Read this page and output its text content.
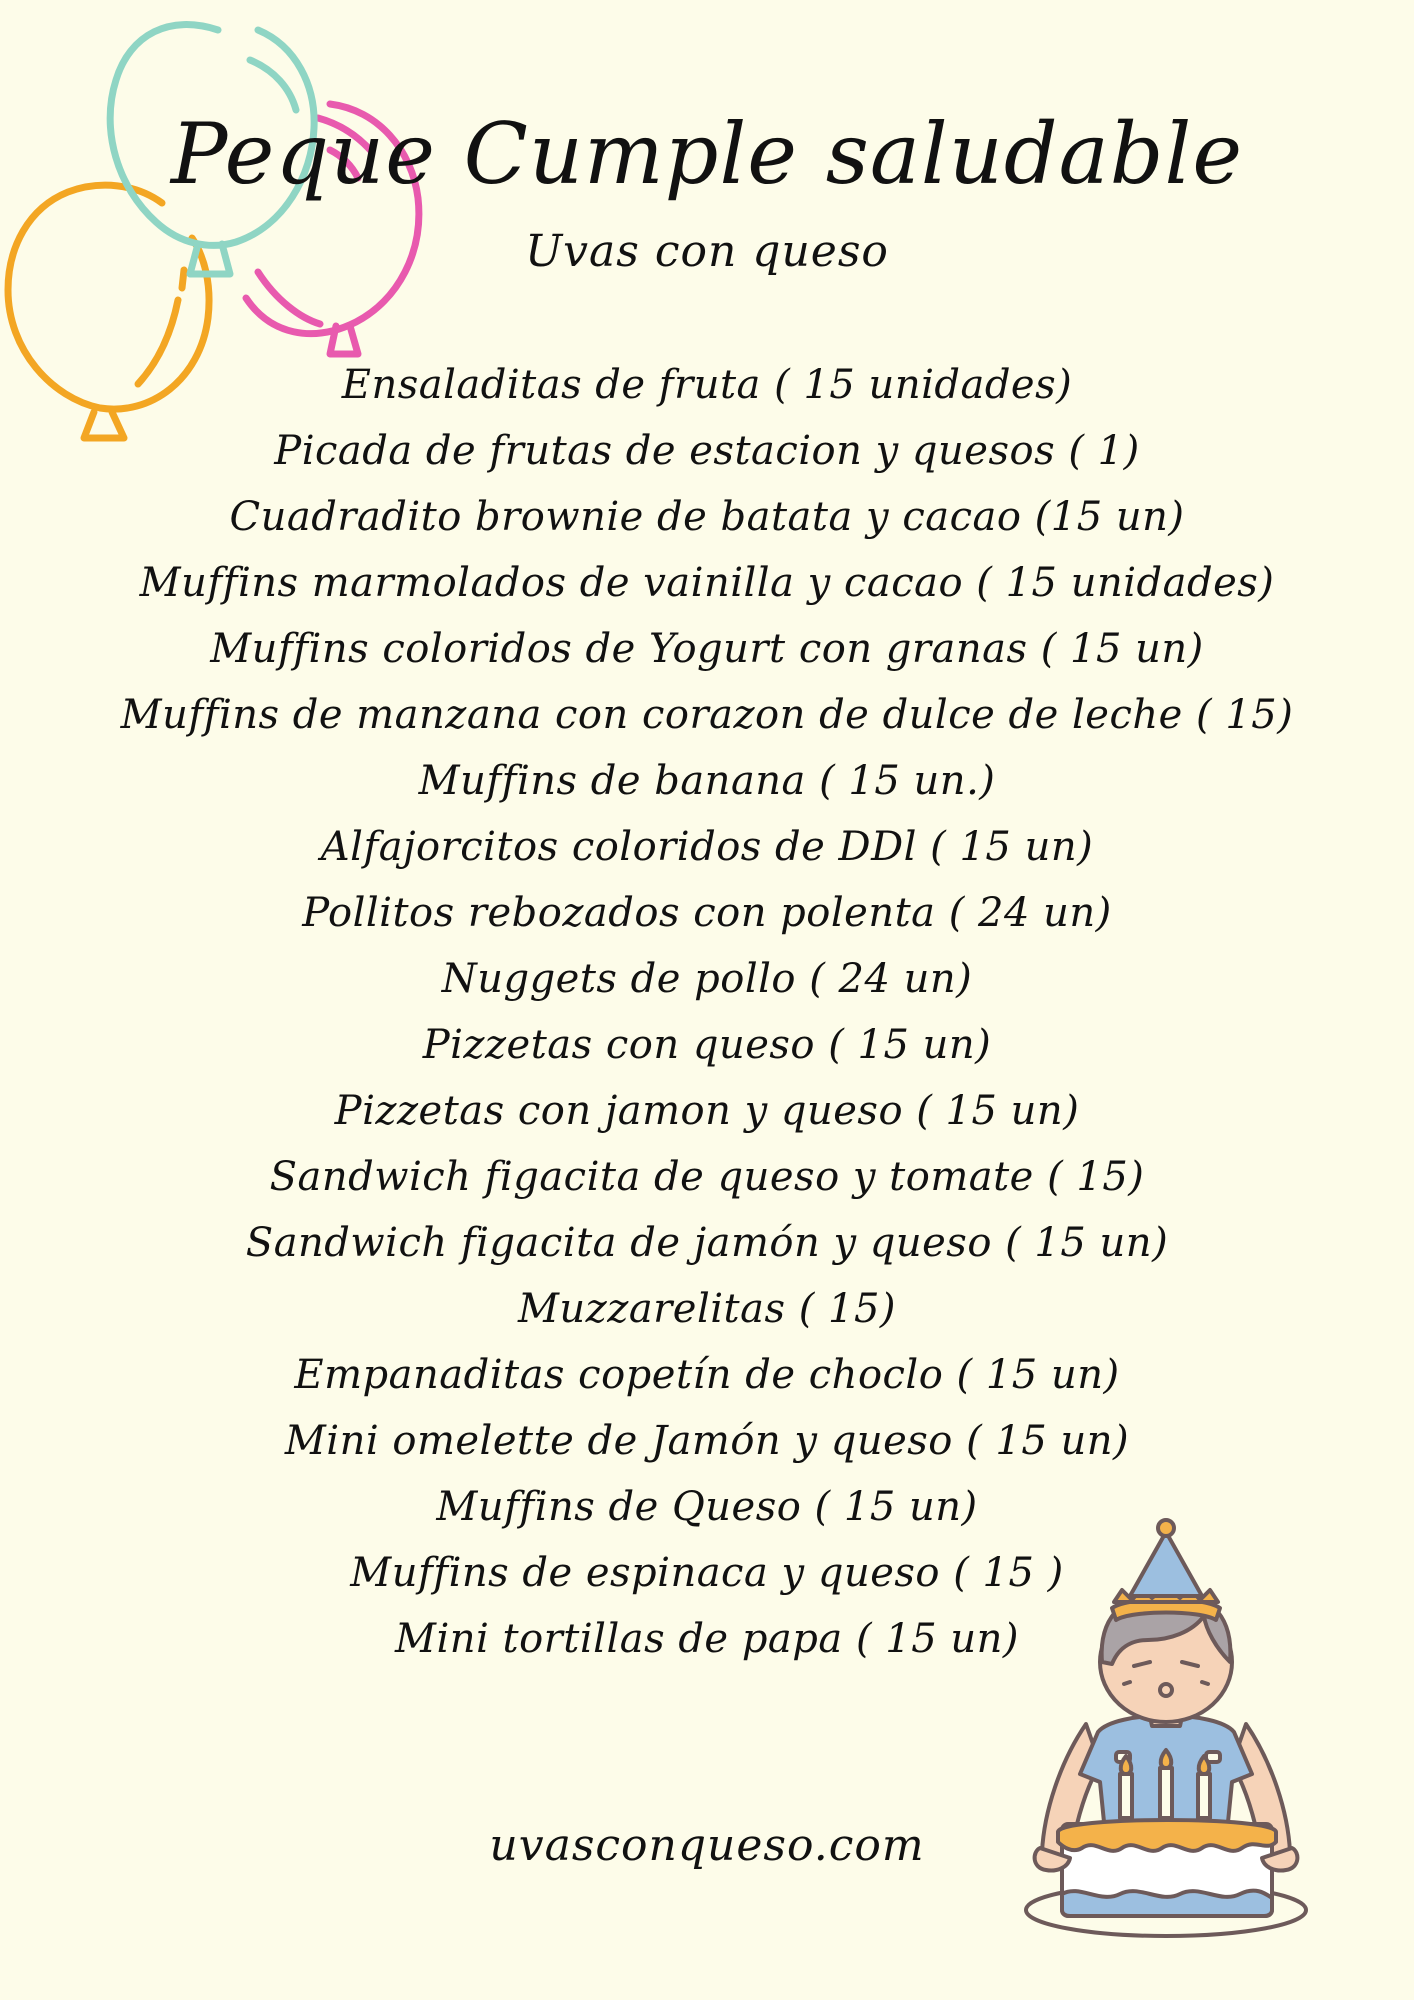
Peque Cumple saludable
Uvas con queso
Ensaladitas de fruta ( 15 unidades)
Picada de frutas de estacion y quesos ( 1)
Cuadradito brownie de batata y cacao (15 un)
Muffins marmolados de vainilla y cacao ( 15 unidades)
Muffins coloridos de Yogurt con granas ( 15 un)
Muffins de manzana con corazon de dulce de leche ( 15)
Muffins de banana ( 15 un.)
Alfajorcitos coloridos de DDl ( 15 un)
Pollitos rebozados con polenta ( 24 un)
Nuggets de pollo ( 24 un)
Pizzetas con queso ( 15 un)
Pizzetas con jamon y queso ( 15 un)
Sandwich figacita de queso y tomate ( 15)
Sandwich figacita de jamón y queso ( 15 un)
Muzzarelitas ( 15)
Empanaditas copetín de choclo ( 15 un)
Mini omelette de Jamón y queso ( 15 un)
Muffins de Queso ( 15 un)
Muffins de espinaca y queso ( 15 )
Mini tortillas de papa ( 15 un)
uvasconqueso.com
